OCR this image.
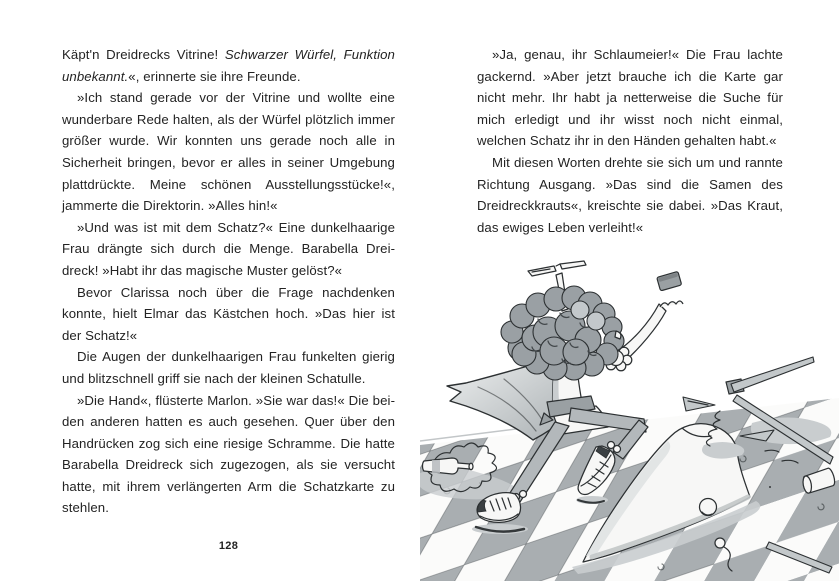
Käpt'n Dreidrecks Vitrine! Schwarzer Würfel, Funktion unbekannt.«, erinnerte sie ihre Freunde.

»Ich stand gerade vor der Vitrine und wollte eine wunderbare Rede halten, als der Würfel plötzlich immer größer wurde. Wir konnten uns gerade noch alle in Sicherheit bringen, bevor er alles in seiner Umgebung plattdrückte. Meine schönen Ausstellungsstücke!«, jammerte die Direktorin. »Alles hin!«

»Und was ist mit dem Schatz?« Eine dunkelhaarige Frau drängte sich durch die Menge. Barabella Dreidreck! »Habt ihr das magische Muster gelöst?«

Bevor Clarissa noch über die Frage nachdenken konnte, hielt Elmar das Kästchen hoch. »Das hier ist der Schatz!«

Die Augen der dunkelhaarigen Frau funkelten gierig und blitzschnell griff sie nach der kleinen Schatulle.

»Die Hand«, flüsterte Marlon. »Sie war das!« Die beiden anderen hatten es auch gesehen. Quer über den Handrücken zog sich eine riesige Schramme. Die hatte Barabella Dreidreck sich zugezogen, als sie versucht hatte, mit ihrem verlängerten Arm die Schatzkarte zu stehlen.

128

»Ja, genau, ihr Schlaumeier!« Die Frau lachte gackernd. »Aber jetzt brauche ich die Karte gar nicht mehr. Ihr habt ja netterweise die Suche für mich erledigt und ihr wisst noch nicht einmal, welchen Schatz ihr in den Händen gehalten habt.«

Mit diesen Worten drehte sie sich um und rannte Richtung Ausgang. »Das sind die Samen des Dreidreckkrauts«, kreischte sie dabei. »Das Kraut, das ewiges Leben verleiht!«
